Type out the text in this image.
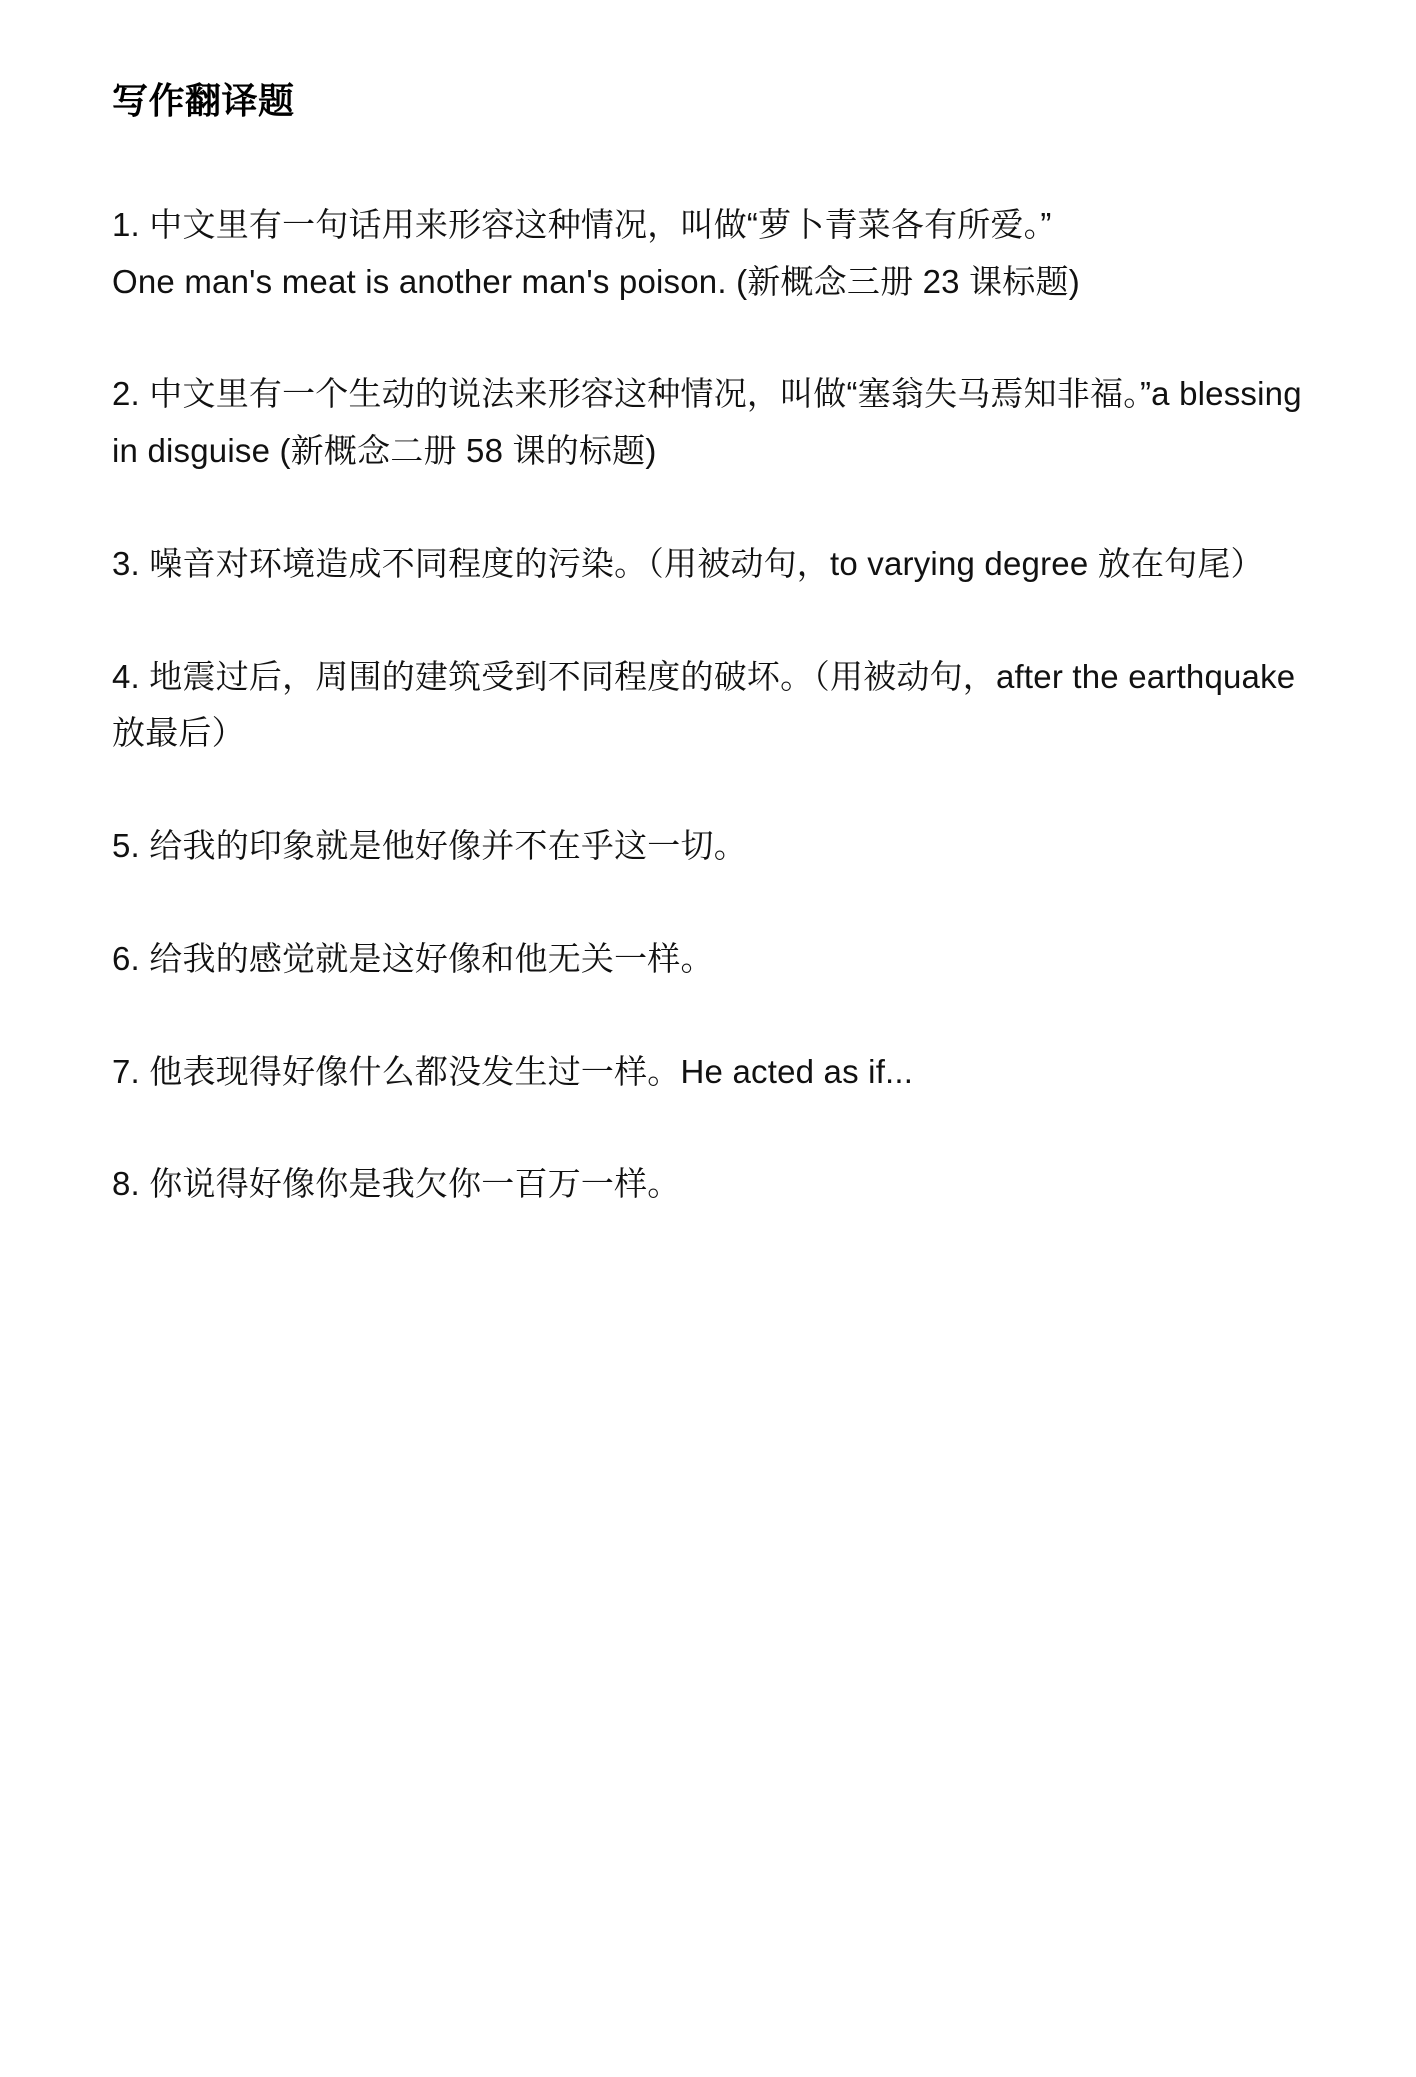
写作翻译题

1. 中文里有一句话用来形容这种情况，叫做“萝卜青菜各有所爱。”
One man's meat is another man's poison. (新概念三册 23 课标题)

2. 中文里有一个生动的说法来形容这种情况，叫做“塞翁失马焉知非福。”a blessing in disguise (新概念二册 58 课的标题)

3. 噪音对环境造成不同程度的污染。（用被动句，to varying degree 放在句尾）

4. 地震过后，周围的建筑受到不同程度的破坏。（用被动句，after the earthquake 放最后）

5. 给我的印象就是他好像并不在乎这一切。

6. 给我的感觉就是这好像和他无关一样。

7. 他表现得好像什么都没发生过一样。He acted as if...

8. 你说得好像你是我欠你一百万一样。
